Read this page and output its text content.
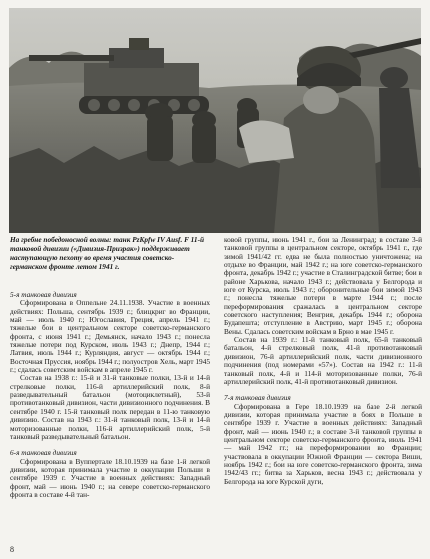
На гребне победоносной волны: танк PzKpfw IV Ausf. F 11-й танковой дивизии («Дивизия-Призрак») поддерживает наступающую пехоту во время участия советско-германском фронте летом 1941 г.

5-я танковая дивизия

Сформирована в Оппельне 24.11.1938. Участие в военных действиях: Польша, сентябрь 1939 г.; блицкриг во Франции, май — июль 1940 г.; Югославия, Греция, апрель 1941 г.; тяжелые бои в центральном секторе советско-германского фронта, с июня 1941 г.; Демьянск, начало 1943 г.; понесла тяжелые потери под Курском, июль 1943 г.; Днепр, 1944 г.; Латвия, июль 1944 г.; Курляндия, август — октябрь 1944 г.; Восточная Пруссия, ноябрь 1944 г.; полуостров Хель, март 1945 г.; сдалась советским войскам в апреле 1945 г.

Состав на 1938 г.: 15-й и 31-й танковые полки, 13-й и 14-й стрелковые полки, 116-й артиллерийский полк, 8-й разведывательный батальон (мотоциклетный), 53-й противотанковый дивизион, части дивизионного подчинения. В сентябре 1940 г. 15-й танковый полк передан в 11-ю танковую дивизию. Состав на 1943 г.: 31-й танковый полк, 13-й и 14-й моторизованные полки, 116-й артиллерийский полк, 5-й танковый разведывательный батальон.

6-я танковая дивизия

Сформирована в Вуппертале 18.10.1939 на базе 1-й легкой дивизии, которая принимала участие в оккупации Польши в сентябре 1939 г. Участие в военных действиях: Западный фронт, май — июнь 1940 г.; на севере советско-германского фронта в составе 4-й тан-

ковой группы, июнь 1941 г., бои за Ленинград; в составе 3-й танковой группы в центральном секторе, октябрь 1941 г., где зимой 1941/42 гг. едва не была полностью уничтожена; на отдыхе во Франции, май 1942 г.; на юге советско-германского фронта, декабрь 1942 г.; участие в Сталинградской битве; бои в районе Харькова, начало 1943 г.; действовала у Белгорода и юге от Курска, июль 1943 г.; оборонительные бои зимой 1943 г.; понесла тяжелые потери в марте 1944 г.; после переформирования сражалась в центральном секторе советского наступления; Венгрия, декабрь 1944 г.; оборона Будапешта; отступление в Австрию, март 1945 г.; оборона Вены. Сдалась советским войскам в Брно в мае 1945 г.

Состав на 1939 г.: 11-й танковый полк, 65-й танковый батальон, 4-й стрелковый полк, 41-й противотанковый дивизион, 76-й артиллерийский полк, части дивизионного подчинения (под номерами «57»). Состав на 1942 г.: 11-й танковый полк, 4-й и 114-й моторизованные полки, 76-й артиллерийский полк, 41-й противотанковый дивизион.

7-я танковая дивизия

Сформирована в Гере 18.10.1939 на базе 2-й легкой дивизии, которая принимала участие в боях в Польше в сентябре 1939 г. Участие в военных действиях: Западный фронт, май — июнь 1940 г.; в составе 3-й танковой группы в центральном секторе советско-германского фронта, июль 1941 — май 1942 гг.; на переформировании во Франции; участвовала в оккупации Южной Франции — сектора Виши, ноябрь 1942 г.; бои на юге советско-германского фронта, зима 1942/43 гг.; битва за Харьков, весна 1943 г.; действовала у Белгорода на юге Курской дуги,

8
